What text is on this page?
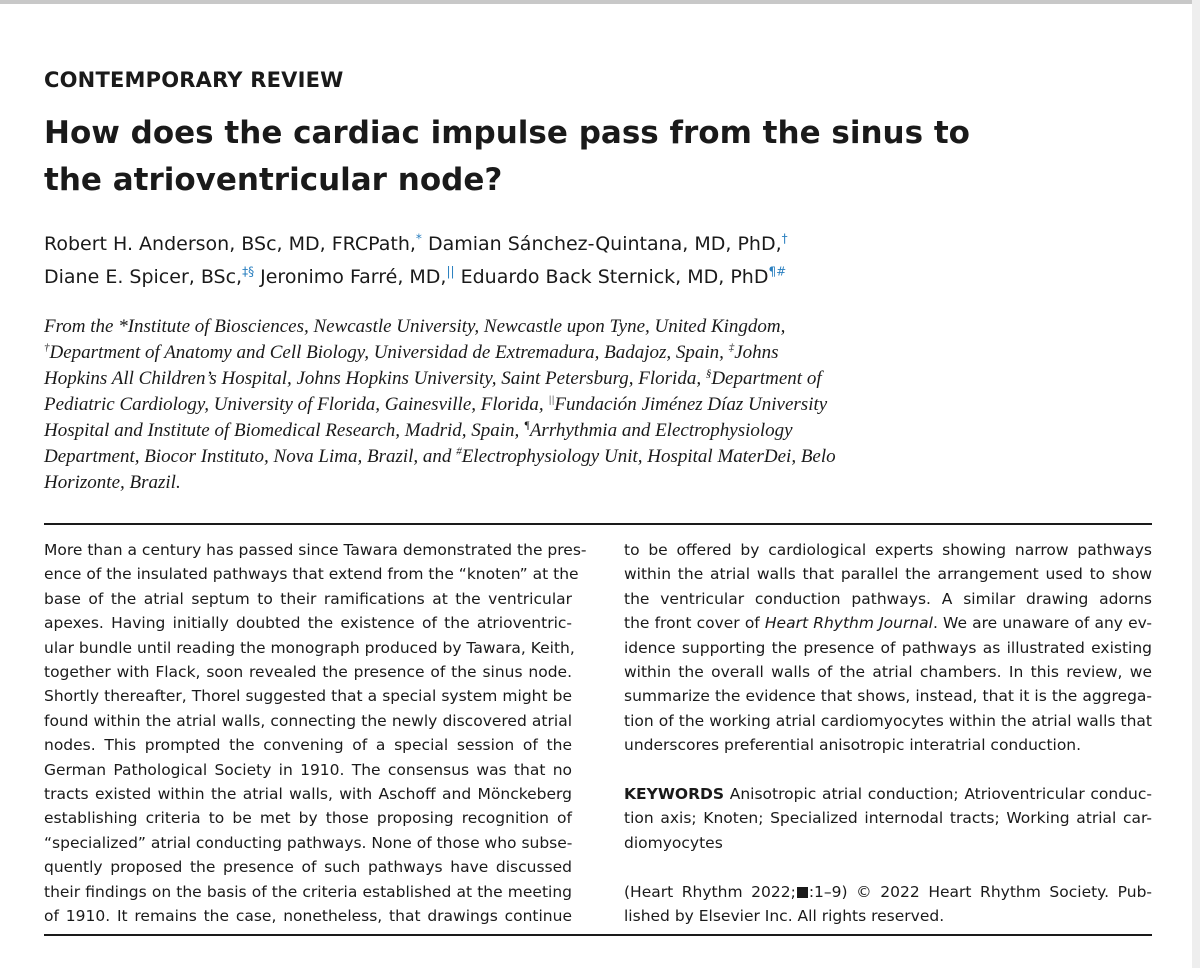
CONTEMPORARY REVIEW
How does the cardiac impulse pass from the sinus to
the atrioventricular node?
Robert H. Anderson, BSc, MD, FRCPath,* Damian Sánchez-Quintana, MD, PhD,†
Diane E. Spicer, BSc,‡§ Jeronimo Farré, MD,|| Eduardo Back Sternick, MD, PhD¶#
From the *Institute of Biosciences, Newcastle University, Newcastle upon Tyne, United Kingdom,
†Department of Anatomy and Cell Biology, Universidad de Extremadura, Badajoz, Spain, ‡Johns
Hopkins All Children’s Hospital, Johns Hopkins University, Saint Petersburg, Florida, §Department of
Pediatric Cardiology, University of Florida, Gainesville, Florida, ||Fundación Jiménez Díaz University
Hospital and Institute of Biomedical Research, Madrid, Spain, ¶Arrhythmia and Electrophysiology
Department, Biocor Instituto, Nova Lima, Brazil, and #Electrophysiology Unit, Hospital MaterDei, Belo
Horizonte, Brazil.
More than a century has passed since Tawara demonstrated the pres-
ence of the insulated pathways that extend from the “knoten” at the
base of the atrial septum to their ramifications at the ventricular
apexes. Having initially doubted the existence of the atrioventric-
ular bundle until reading the monograph produced by Tawara, Keith,
together with Flack, soon revealed the presence of the sinus node.
Shortly thereafter, Thorel suggested that a special system might be
found within the atrial walls, connecting the newly discovered atrial
nodes. This prompted the convening of a special session of the
German Pathological Society in 1910. The consensus was that no
tracts existed within the atrial walls, with Aschoff and Mönckeberg
establishing criteria to be met by those proposing recognition of
“specialized” atrial conducting pathways. None of those who subse-
quently proposed the presence of such pathways have discussed
their findings on the basis of the criteria established at the meeting
of 1910. It remains the case, nonetheless, that drawings continue
to be offered by cardiological experts showing narrow pathways
within the atrial walls that parallel the arrangement used to show
the ventricular conduction pathways. A similar drawing adorns
the front cover of Heart Rhythm Journal. We are unaware of any ev-
idence supporting the presence of pathways as illustrated existing
within the overall walls of the atrial chambers. In this review, we
summarize the evidence that shows, instead, that it is the aggrega-
tion of the working atrial cardiomyocytes within the atrial walls that
underscores preferential anisotropic interatrial conduction.
KEYWORDS Anisotropic atrial conduction; Atrioventricular conduc-
tion axis; Knoten; Specialized internodal tracts; Working atrial car-
diomyocytes
(Heart Rhythm 2022; :1–9) © 2022 Heart Rhythm Society. Pub-
lished by Elsevier Inc. All rights reserved.
